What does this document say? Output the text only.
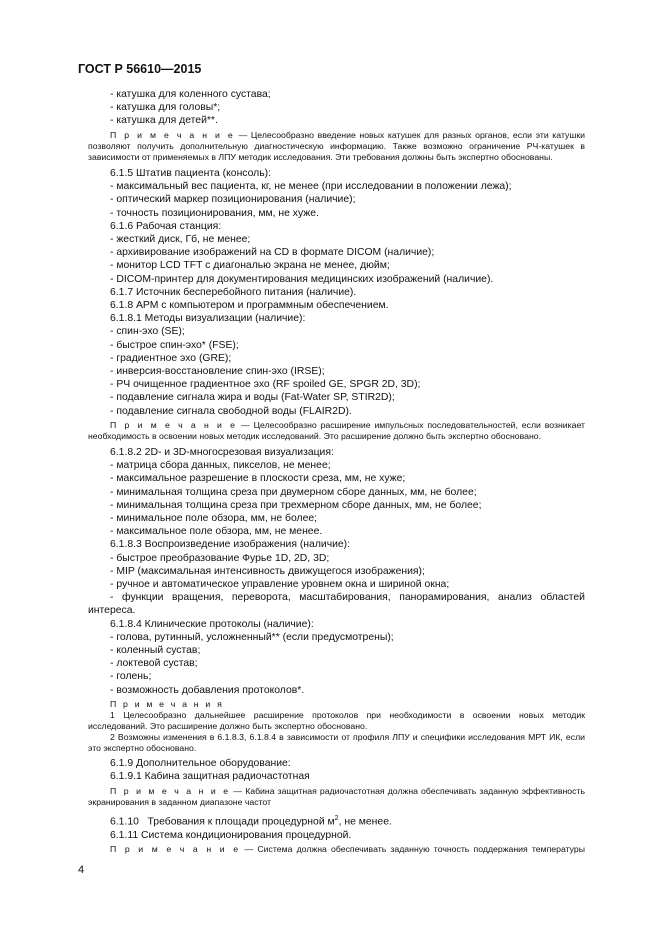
ГОСТ Р 56610—2015
- катушка для коленного сустава;
- катушка для головы*;
- катушка для детей**.
П р и м е ч а н и е — Целесообразно введение новых катушек для разных органов, если эти катушки позволяют получить дополнительную диагностическую информацию. Также возможно ограничение РЧ-катушек в зависимости от применяемых в ЛПУ методик исследования. Эти требования должны быть экспертно обоснованы.
6.1.5 Штатив пациента (консоль):
- максимальный вес пациента, кг, не менее (при исследовании в положении лежа);
- оптический маркер позиционирования (наличие);
- точность позиционирования, мм, не хуже.
6.1.6 Рабочая станция:
- жесткий диск, Гб, не менее;
- архивирование изображений на CD в формате DICOM (наличие);
- монитор LCD TFT с диагональю экрана не менее, дюйм;
- DICOM-принтер для документирования медицинских изображений (наличие).
6.1.7 Источник бесперебойного питания (наличие).
6.1.8 АРМ с компьютером и программным обеспечением.
6.1.8.1 Методы визуализации (наличие):
- спин-эхо (SE);
- быстрое спин-эхо* (FSE);
- градиентное эхо (GRE);
- инверсия-восстановление спин-эхо (IRSE);
- РЧ очищенное градиентное эхо (RF spoiled GE, SPGR 2D, 3D);
- подавление сигнала жира и воды (Fat-Water SP, STIR2D);
- подавление сигнала свободной воды (FLAIR2D).
П р и м е ч а н и е — Целесообразно расширение импульсных последовательностей, если возникает необходимость в освоении новых методик исследований. Это расширение должно быть экспертно обосновано.
6.1.8.2 2D- и 3D-многосрезовая визуализация:
- матрица сбора данных, пикселов, не менее;
- максимальное разрешение в плоскости среза, мм, не хуже;
- минимальная толщина среза при двумерном сборе данных, мм, не более;
- минимальная толщина среза при трехмерном сборе данных, мм, не более;
- минимальное поле обзора, мм, не более;
- максимальное поле обзора, мм, не менее.
6.1.8.3 Воспроизведение изображения (наличие):
- быстрое преобразование Фурье 1D, 2D, 3D;
- MIP (максимальная интенсивность движущегося изображения);
- ручное и автоматическое управление уровнем окна и шириной окна;
- функции вращения, переворота, масштабирования, панорамирования, анализ областей интереса.
6.1.8.4 Клинические протоколы (наличие):
- голова, рутинный, усложненный** (если предусмотрены);
- коленный сустав;
- локтевой сустав;
- голень;
- возможность добавления протоколов*.
П р и м е ч а н и я
1 Целесообразно дальнейшее расширение протоколов при необходимости в освоении новых методик исследований. Это расширение должно быть экспертно обосновано.
2 Возможны изменения в 6.1.8.3, 6.1.8.4 в зависимости от профиля ЛПУ и специфики исследования МРТ ИК, если это экспертно обосновано.
6.1.9 Дополнительное оборудование:
6.1.9.1 Кабина защитная радиочастотная
П р и м е ч а н и е — Кабина защитная радиочастотная должна обеспечивать заданную эффективность экранирования в заданном диапазоне частот
6.1.10   Требования к площади процедурной $м^2$, не менее.
6.1.11 Система кондиционирования процедурной.
П р и м е ч а н и е — Система должна обеспечивать заданную точность поддержания температуры
4
